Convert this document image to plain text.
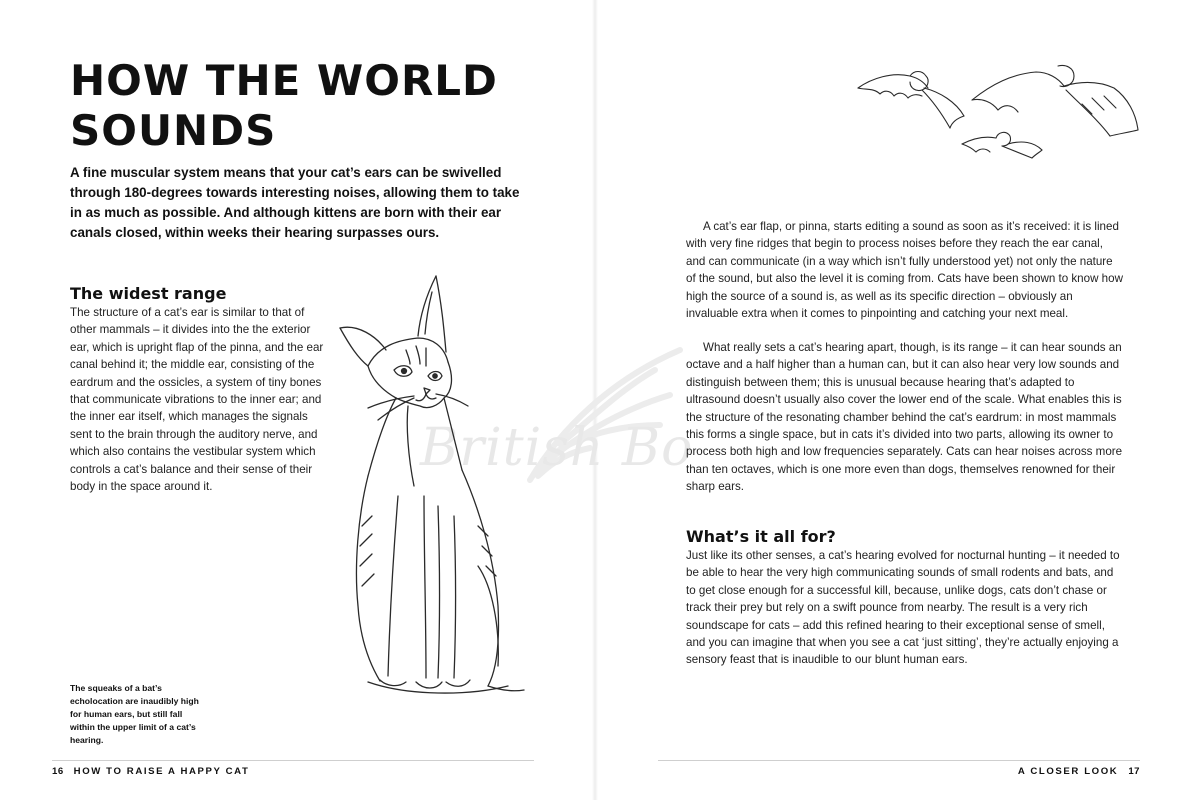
British Bo
HOW THE WORLD
SOUNDS

A fine muscular system means that your cat’s ears can be swivelled through 180-degrees towards interesting noises, allowing them to take in as much as possible. And although kittens are born with their ear canals closed, within weeks their hearing surpasses ours.

The widest range

The structure of a cat’s ear is similar to that of other mammals – it divides into the the exterior ear, which is upright flap of the pinna, and the ear canal behind it; the middle ear, consisting of the eardrum and the ossicles, a system of tiny bones that communicate vibrations to the inner ear; and the inner ear itself, which manages the signals sent to the brain through the auditory nerve, and which also contains the vestibular system which controls a cat’s balance and their sense of their body in the space around it.

The squeaks of a bat’s echolocation are inaudibly high for human ears, but still fall within the upper limit of a cat’s hearing.

16 HOW TO RAISE A HAPPY CAT

A cat’s ear flap, or pinna, starts editing a sound as soon as it’s received: it is lined with very fine ridges that begin to process noises before they reach the ear canal, and can communicate (in a way which isn’t fully understood yet) not only the nature of the sound, but also the level it is coming from. Cats have been shown to know how high the source of a sound is, as well as its specific direction – obviously an invaluable extra when it comes to pinpointing and catching your next meal.

What really sets a cat’s hearing apart, though, is its range – it can hear sounds an octave and a half higher than a human can, but it can also hear very low sounds and distinguish between them; this is unusual because hearing that’s adapted to ultrasound doesn’t usually also cover the lower end of the scale. What enables this is the structure of the resonating chamber behind the cat’s eardrum: in most mammals this forms a single space, but in cats it’s divided into two parts, allowing its owner to process both high and low frequencies separately. Cats can hear noises across more than ten octaves, which is one more even than dogs, themselves renowned for their sharp ears.

What’s it all for?

Just like its other senses, a cat’s hearing evolved for nocturnal hunting – it needed to be able to hear the very high communicating sounds of small rodents and bats, and to get close enough for a successful kill, because, unlike dogs, cats don’t chase or track their prey but rely on a swift pounce from nearby. The result is a very rich soundscape for cats – add this refined hearing to their exceptional sense of smell, and you can imagine that when you see a cat ‘just sitting’, they’re actually enjoying a sensory feast that is inaudible to our blunt human ears.

A CLOSER LOOK 17
